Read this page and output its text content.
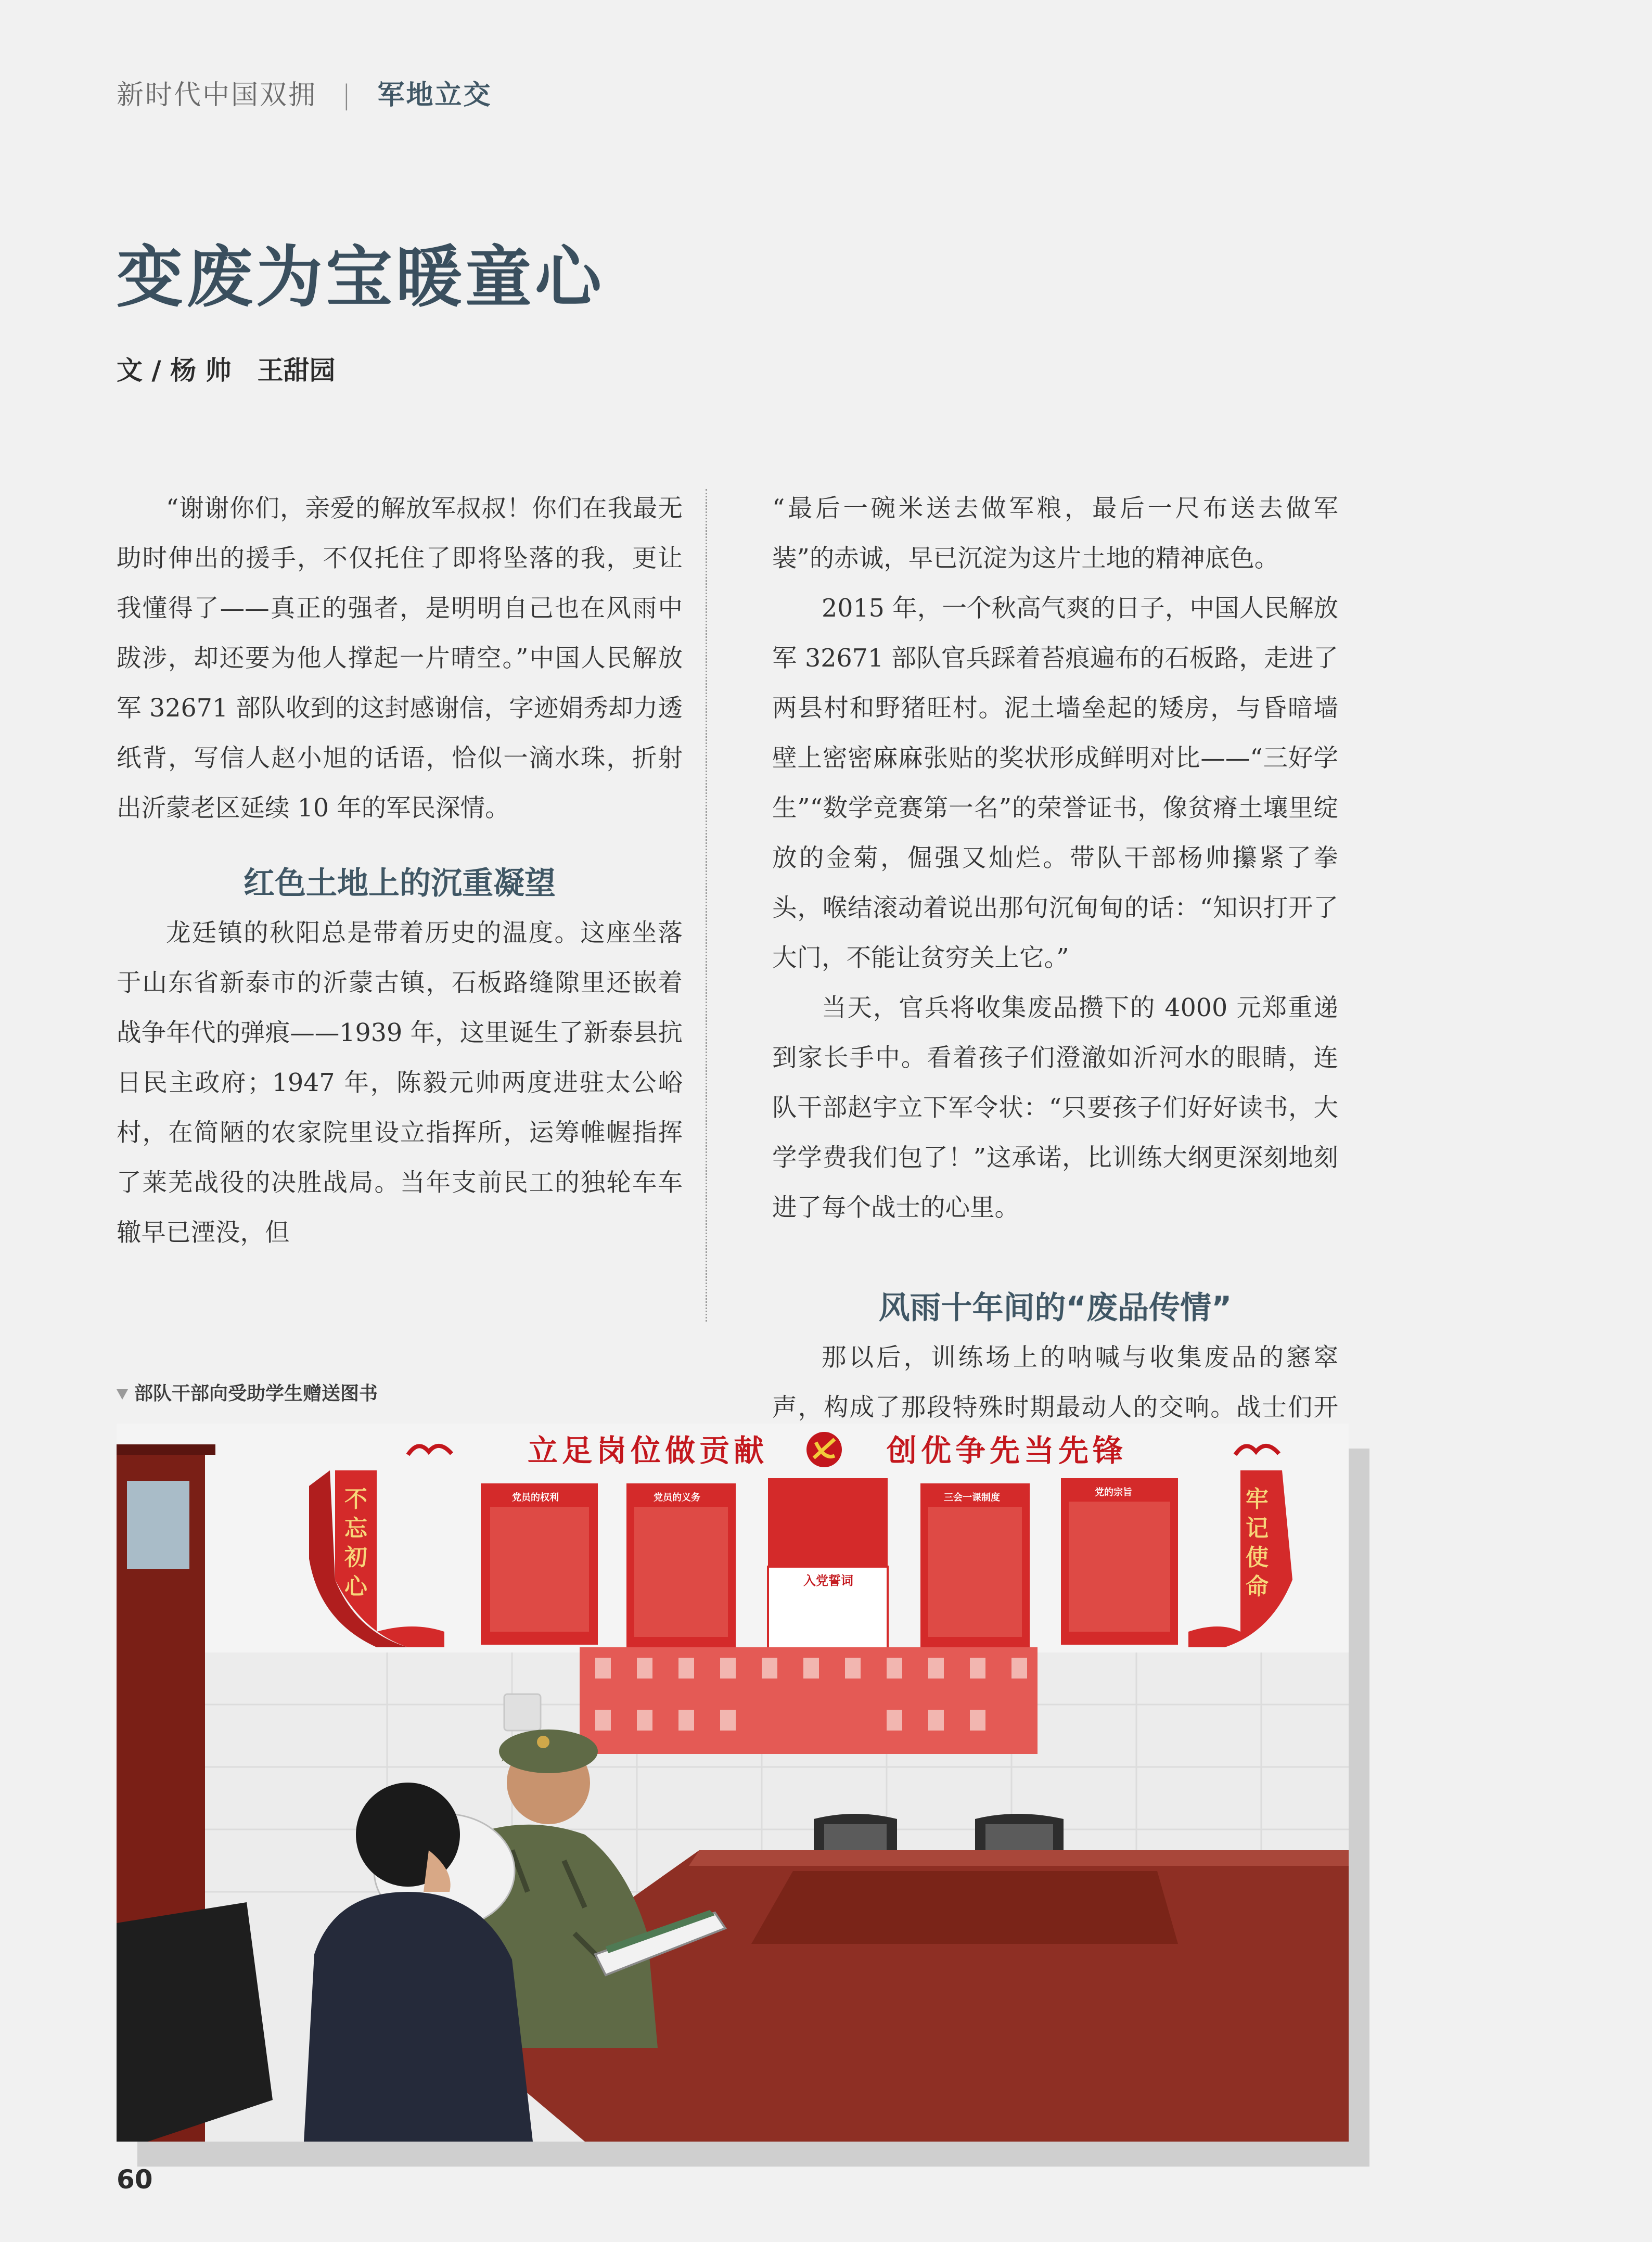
新时代中国双拥 | 军地立交
变废为宝暖童心
文 / 杨 帅　王甜园

“谢谢你们，亲爱的解放军叔叔！你们在我最无助时伸出的援手，不仅托住了即将坠落的我，更让我懂得了——真正的强者，是明明自己也在风雨中跋涉，却还要为他人撑起一片晴空。”中国人民解放军 32671 部队收到的这封感谢信，字迹娟秀却力透纸背，写信人赵小旭的话语，恰似一滴水珠，折射出沂蒙老区延续 10 年的军民深情。

红色土地上的沉重凝望

龙廷镇的秋阳总是带着历史的温度。这座坐落于山东省新泰市的沂蒙古镇，石板路缝隙里还嵌着战争年代的弹痕——1939 年，这里诞生了新泰县抗日民主政府；1947 年，陈毅元帅两度进驻太公峪村，在简陋的农家院里设立指挥所，运筹帷幄指挥了莱芜战役的决胜战局。当年支前民工的独轮车车辙早已湮没，但

“最后一碗米送去做军粮，最后一尺布送去做军装”的赤诚，早已沉淀为这片土地的精神底色。

2015 年，一个秋高气爽的日子，中国人民解放军 32671 部队官兵踩着苔痕遍布的石板路，走进了两县村和野猪旺村。泥土墙垒起的矮房，与昏暗墙壁上密密麻麻张贴的奖状形成鲜明对比——“三好学生”“数学竞赛第一名”的荣誉证书，像贫瘠土壤里绽放的金菊，倔强又灿烂。带队干部杨帅攥紧了拳头，喉结滚动着说出那句沉甸甸的话：“知识打开了大门，不能让贫穷关上它。”

当天，官兵将收集废品攒下的 4000 元郑重递到家长手中。看着孩子们澄澈如沂河水的眼睛，连队干部赵宇立下军令状：“只要孩子们好好读书，大学学费我们包了！”这承诺，比训练大纲更深刻地刻进了每个战士的心里。

风雨十年间的“废品传情”

那以后，训练场上的呐喊与收集废品的窸窣声，构成了那段特殊时期最动人的交响。战士们开

部队干部向受助学生赠送图书
立足岗位做贡献	创优争先当先锋
不 忘初心
牢 记使命
党员的权利	党员的义务
入党誓词
三会一课制度	党的宗旨
60
